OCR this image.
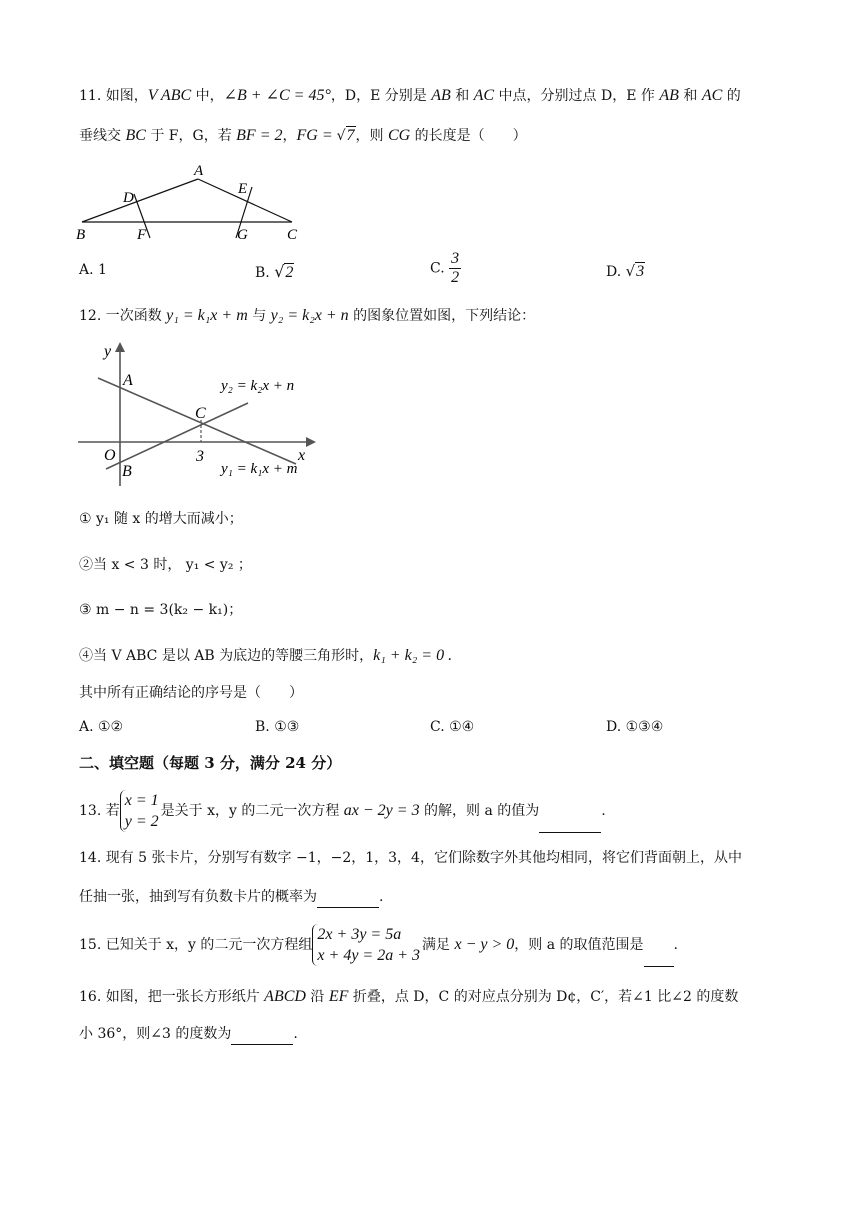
11. 如图，V ABC 中，∠B + ∠C = 45°，D，E 分别是 AB 和 AC 中点，分别过点 D，E 作 AB 和 AC 的
垂线交 BC 于 F，G，若 BF = 2，FG = √7，则 CG 的长度是（　　）
A
B	C
D
E
F	G
A. 1	B. √2	C. $\frac{3}{2}$	D. √3
12. 一次函数 y₁ = k₁x + m 与 y₂ = k₂x + n 的图象位置如图，下列结论：
y
x
A
B
C
O	3
y₂ = k₂x + n
y₁ = k₁x + m
① y₁ 随 x 的增大而减小；
②当 x < 3 时， y₁ < y₂ ；
③ m − n = 3(k₂ − k₁)；
④当 V ABC 是以 AB 为底边的等腰三角形时，k₁ + k₂ = 0 .
其中所有正确结论的序号是（　　）
A. ①②	B. ①③	C. ①④	D. ①③④
二、填空题（每题 3 分，满分 24 分）
13. 若x = 1
y = 2是关于 x，y 的二元一次方程 ax − 2y = 3 的解，则 a 的值为	.
14. 现有 5 张卡片，分别写有数字 −1，−2，1，3，4，它们除数字外其他均相同，将它们背面朝上，从中
任抽一张，抽到写有负数卡片的概率为	.
15. 已知关于 x，y 的二元一次方程组2x + 3y = 5a
x + 4y = 2a + 3满足 x − y > 0，则 a 的取值范围是 .
16. 如图，把一张长方形纸片 ABCD 沿 EF 折叠，点 D，C 的对应点分别为 D¢，C′，若∠1 比∠2 的度数
小 36°，则∠3 的度数为	.
